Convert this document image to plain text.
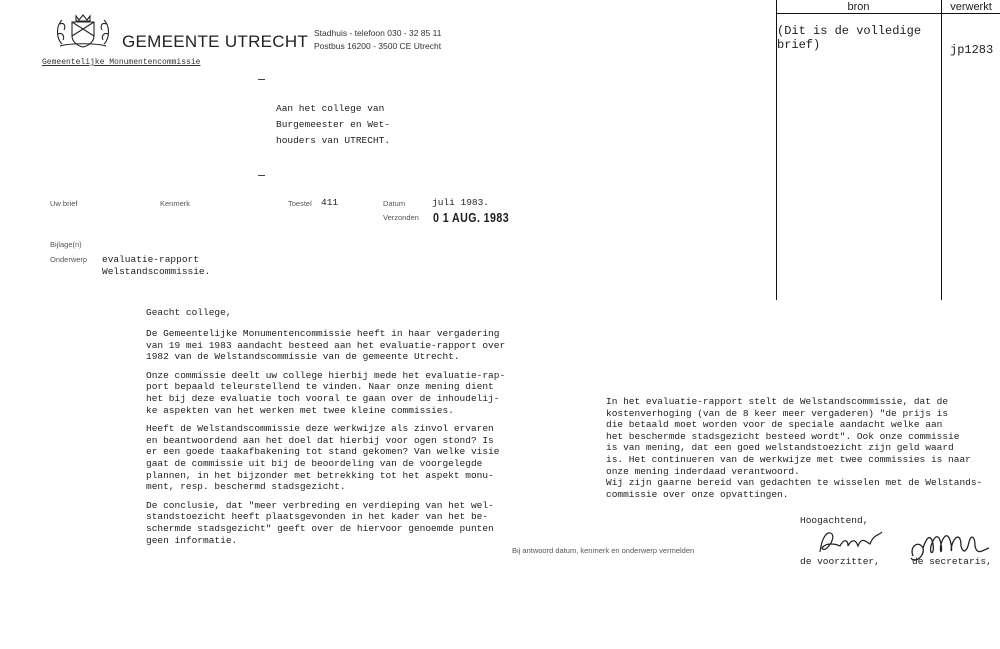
GEMEENTE UTRECHT Stadhuis - telefoon 030 - 32 85 11
Postbus 16200 - 3500 CE Utrecht
Gemeentelijke Monumentencommissie
Aan het college van
Burgemeester en Wet-
houders van UTRECHT.
bron	verwerkt
(Dit is de volledige
brief)	jp1283
Uw brief	Kenmerk	Toestel 411	Datum	juli 1983.
Verzonden 0 1 AUG. 1983
Bijlage(n)
Onderwerp evaluatie-rapport
Welstandscommissie.
Geacht college,

De Gemeentelijke Monumentencommissie heeft in haar vergadering
van 19 mei 1983 aandacht besteed aan het evaluatie-rapport over
1982 van de Welstandscommissie van de gemeente Utrecht.

Onze commissie deelt uw college hierbij mede het evaluatie-rap-
port bepaald teleurstellend te vinden. Naar onze mening dient
het bij deze evaluatie toch vooral te gaan over de inhoudelij-
ke aspekten van het werken met twee kleine commissies.

Heeft de Welstandscommissie deze werkwijze als zinvol ervaren
en beantwoordend aan het doel dat hierbij voor ogen stond? Is
er een goede taakafbakening tot stand gekomen? Van welke visie
gaat de commissie uit bij de beoordeling van de voorgelegde
plannen, in het bijzonder met betrekking tot het aspekt monu-
ment, resp. beschermd stadsgezicht.

De conclusie, dat "meer verbreding en verdieping van het wel-
standstoezicht heeft plaatsgevonden in het kader van het be-
schermde stadsgezicht" geeft over de hiervoor genoemde punten
geen informatie.

In het evaluatie-rapport stelt de Welstandscommissie, dat de
kostenverhoging (van de 8 keer meer vergaderen) "de prijs is
die betaald moet worden voor de speciale aandacht welke aan
het beschermde stadsgezicht besteed wordt". Ook onze commissie
is van mening, dat een goed welstandstoezicht zijn geld waard
is. Het continueren van de werkwijze met twee commissies is naar
onze mening inderdaad verantwoord.
Wij zijn gaarne bereid van gedachten te wisselen met de Welstands-
commissie over onze opvattingen.
Bij antwoord datum, kenmerk en onderwerp vermelden
Hoogachtend,
de voorzitter,	de secretaris,
